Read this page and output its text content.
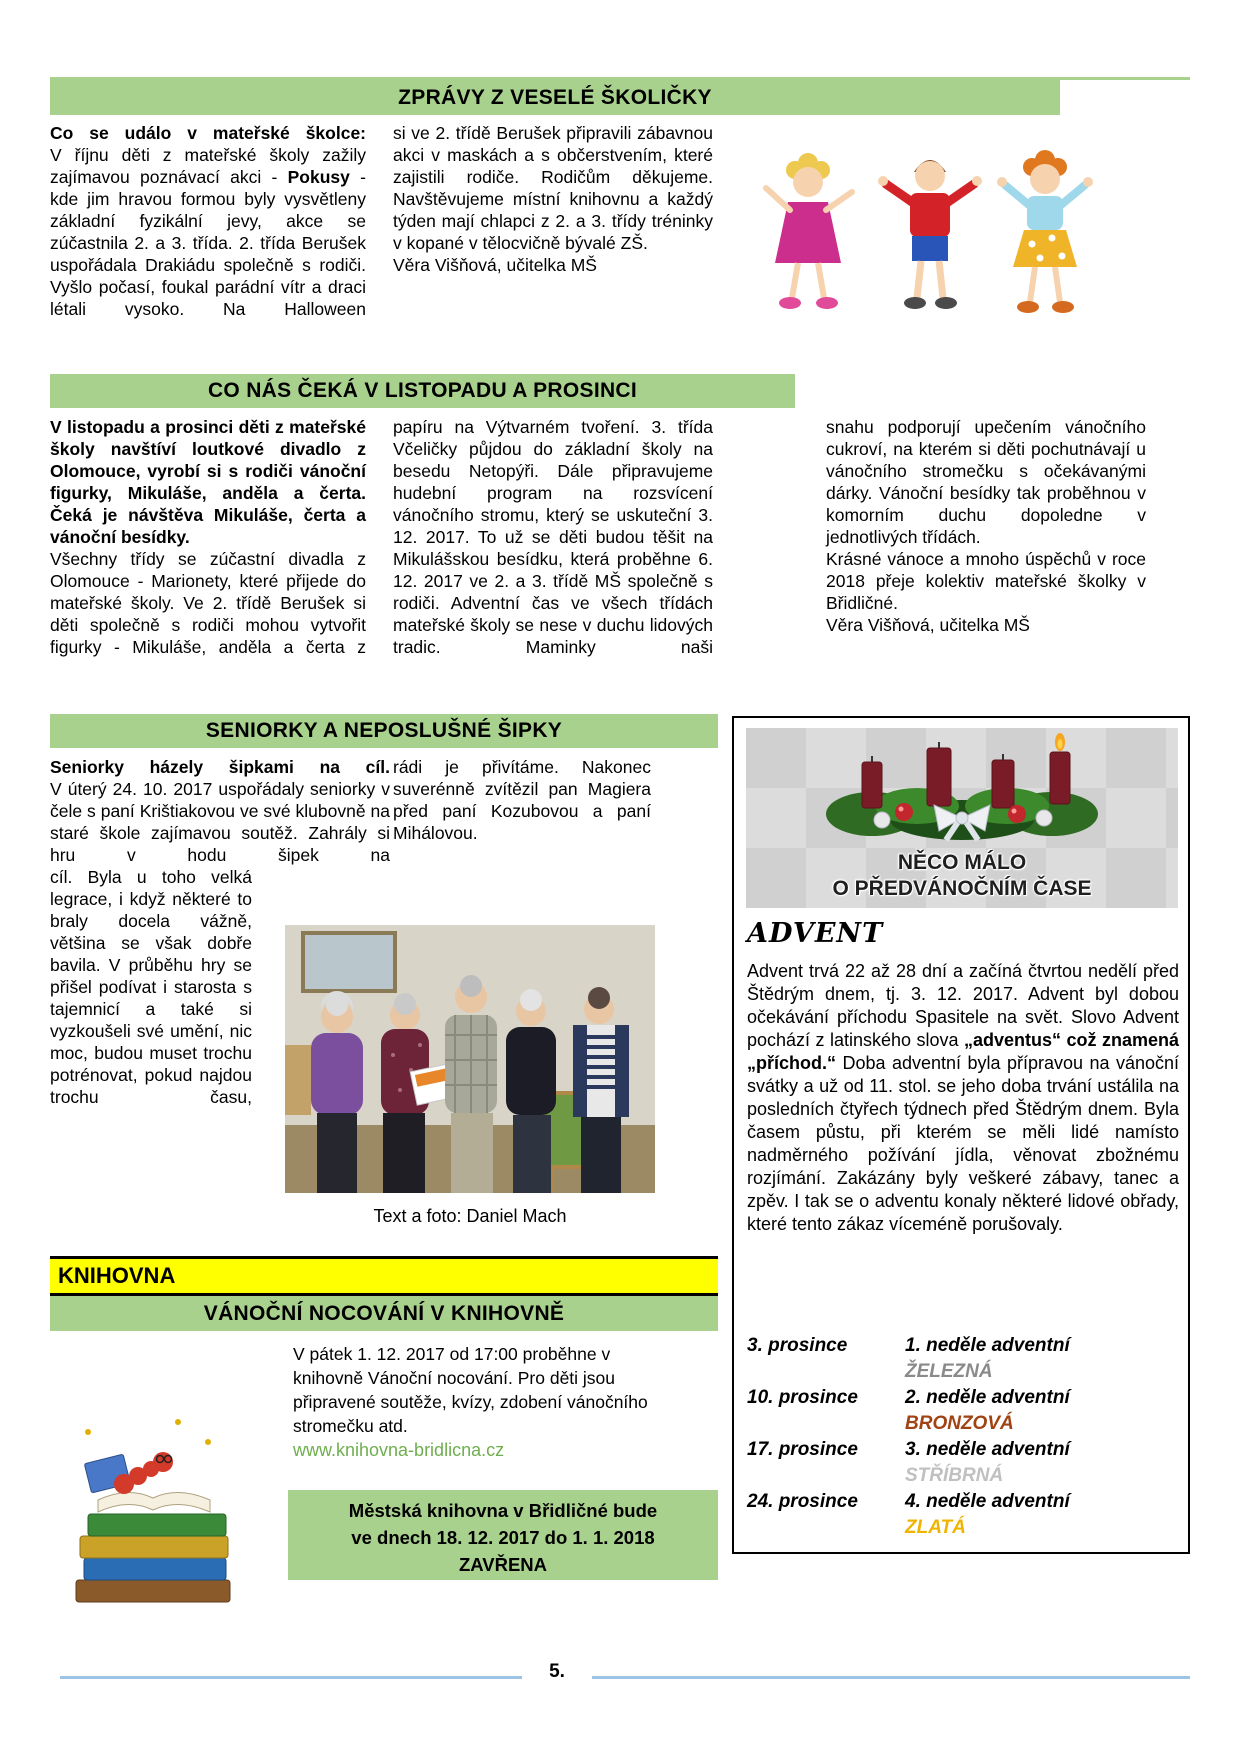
ZPRÁVY Z VESELÉ ŠKOLIČKY
Co se událo v mateřské školce:

V říjnu děti z mateřské školy zažily zajímavou poznávací akci - Pokusy - kde jim hravou formou byly vysvětleny základní fyzikální jevy, akce se zúčastnila 2. a 3. třída. 2. třída Berušek uspořádala Drakiádu společně s rodiči. Vyšlo počasí, foukal parádní vítr a draci létali vysoko. Na Halloween

si ve 2. třídě Berušek připravili zábavnou akci v maskách a s občerstvením, které zajistili rodiče. Rodičům děkujeme. Navštěvujeme místní knihovnu a každý týden mají chlapci z 2. a 3. třídy tréninky v kopané v tělocvičně bývalé ZŠ.

Věra Višňová, učitelka MŠ

CO NÁS ČEKÁ V LISTOPADU A PROSINCI

V listopadu a prosinci děti z mateřské školy navštíví loutkové divadlo z Olomouce, vyrobí si s rodiči vánoční figurky, Mikuláše, anděla a čerta. Čeká je návštěva Mikuláše, čerta a vánoční besídky.

Všechny třídy se zúčastní divadla z Olomouce - Marionety, které přijede do mateřské školy. Ve 2. třídě Berušek si děti společně s rodiči mohou vytvořit figurky - Mikuláše, anděla a čerta z

papíru na Výtvarném tvoření. 3. třída Včeličky půjdou do základní školy na besedu Netopýři. Dále připravujeme hudební program na rozsvícení vánočního stromu, který se uskuteční 3. 12. 2017. To už se děti budou těšit na Mikulášskou besídku, která proběhne 6. 12. 2017 ve 2. a 3. třídě MŠ společně s rodiči. Adventní čas ve všech třídách mateřské školy se nese v duchu lidových tradic. Maminky naši

snahu podporují upečením vánočního cukroví, na kterém si děti pochutnávají u vánočního stromečku s očekávanými dárky. Vánoční besídky tak proběhnou v komorním duchu dopoledne v jednotlivých třídách.

Krásné vánoce a mnoho úspěchů v roce 2018 přeje kolektiv mateřské školky v Břidličné.

Věra Višňová, učitelka MŠ

SENIORKY A NEPOSLUŠNÉ ŠIPKY
Seniorky házely šipkami na cíl.

V úterý 24. 10. 2017 uspořádaly seniorky v čele s paní Krištiakovou ve své klubovně na staré škole zajímavou soutěž. Zahrály si hru v hodu šipek na

cíl. Byla u toho velká legrace, i když některé to braly docela vážně, většina se však dobře bavila. V průběhu hry se přišel podívat i starosta s tajemnicí a také si vyzkoušeli své umění, nic moc, budou muset trochu potrénovat, pokud najdou trochu času,

rádi je přivítáme. Nakonec suverénně zvítězil pan Magiera před paní Kozubovou a paní Mihálovou.

Text a foto: Daniel Mach
KNIHOVNA
VÁNOČNÍ NOCOVÁNÍ V KNIHOVNĚ

V pátek 1. 12. 2017 od 17:00 proběhne v knihovně Vánoční nocování. Pro děti jsou připravené soutěže, kvízy, zdobení vánočního stromečku atd.

www.knihovna-bridlicna.cz
Městská knihovna v Břidličné bude
ve dnech 18. 12. 2017 do 1. 1. 2018
ZAVŘENA
NĚCO MÁLO
O PŘEDVÁNOČNÍM ČASE
ADVENT

Advent trvá 22 až 28 dní a začíná čtvrtou nedělí před Štědrým dnem, tj. 3. 12. 2017. Advent byl dobou očekávání příchodu Spasitele na svět. Slovo Advent pochází z latinského slova „adventus“ což znamená „příchod.“ Doba adventní byla přípravou na vánoční svátky a už od 11. stol. se jeho doba trvání ustálila na posledních čtyřech týdnech před Štědrým dnem. Byla časem půstu, při kterém se měli lidé namísto nadměrného požívání jídla, věnovat zbožnému rozjímání. Zakázány byly veškeré zábavy, tanec a zpěv. I tak se o adventu konaly některé lidové obřady, které tento zákaz víceméně porušovaly.

3. prosince	1. neděle adventní
ŽELEZNÁ
10. prosince	2. neděle adventní
BRONZOVÁ
17. prosince	3. neděle adventní
STŘÍBRNÁ
24. prosince	4. neděle adventní
ZLATÁ
5.
